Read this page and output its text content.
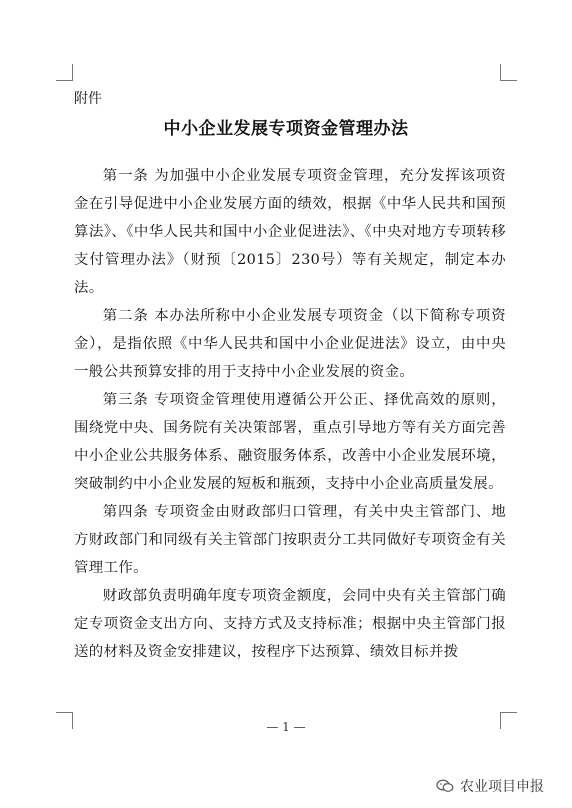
附件
中小企业发展专项资金管理办法

第一条 为加强中小企业发展专项资金管理，充分发挥该项资金在引导促进中小企业发展方面的绩效，根据《中华人民共和国预算法》、《中华人民共和国中小企业促进法》、《中央对地方专项转移支付管理办法》（财预〔2015〕230号）等有关规定，制定本办法。

第二条 本办法所称中小企业发展专项资金（以下简称专项资金），是指依照《中华人民共和国中小企业促进法》设立，由中央一般公共预算安排的用于支持中小企业发展的资金。

第三条 专项资金管理使用遵循公开公正、择优高效的原则，围绕党中央、国务院有关决策部署，重点引导地方等有关方面完善中小企业公共服务体系、融资服务体系，改善中小企业发展环境，突破制约中小企业发展的短板和瓶颈，支持中小企业高质量发展。

第四条 专项资金由财政部归口管理，有关中央主管部门、地方财政部门和同级有关主管部门按职责分工共同做好专项资金有关管理工作。

财政部负责明确年度专项资金额度，会同中央有关主管部门确定专项资金支出方向、支持方式及支持标准；根据中央主管部门报送的材料及资金安排建议，按程序下达预算、绩效目标并拨

— 1 —
农业项目申报
